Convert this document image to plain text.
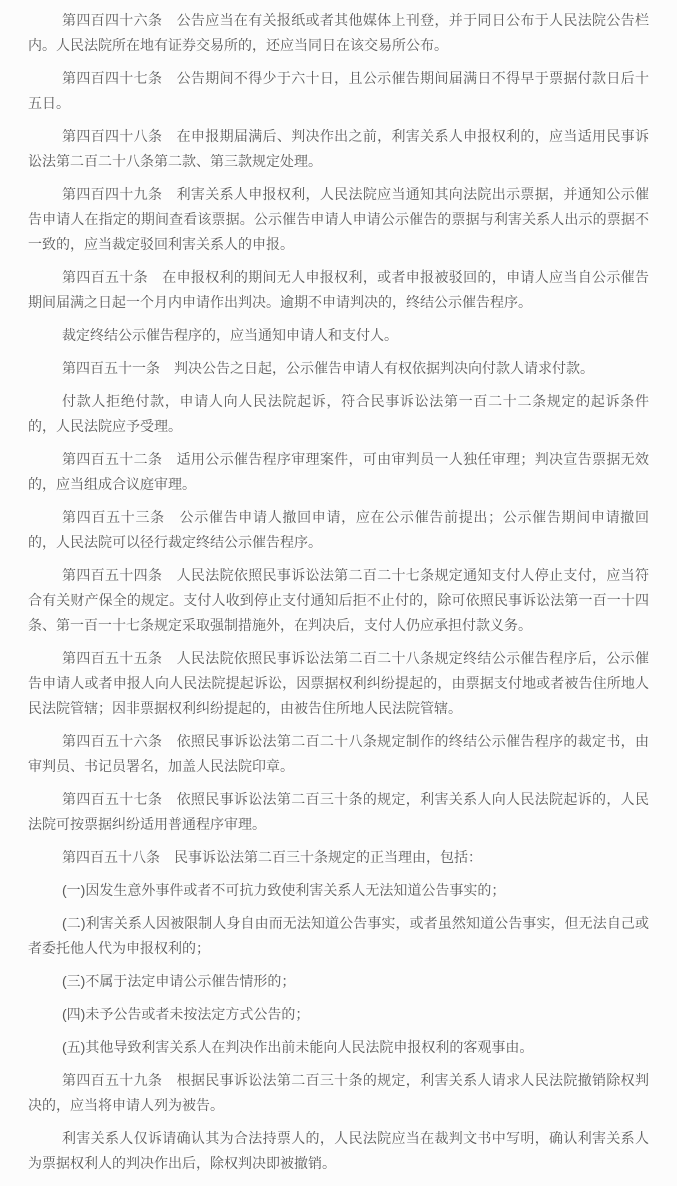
第四百四十六条　公告应当在有关报纸或者其他媒体上刊登，并于同日公布于人民法院公告栏内。人民法院所在地有证券交易所的，还应当同日在该交易所公布。

第四百四十七条　公告期间不得少于六十日，且公示催告期间届满日不得早于票据付款日后十五日。

第四百四十八条　在申报期届满后、判决作出之前，利害关系人申报权利的，应当适用民事诉讼法第二百二十八条第二款、第三款规定处理。

第四百四十九条　利害关系人申报权利，人民法院应当通知其向法院出示票据，并通知公示催告申请人在指定的期间查看该票据。公示催告申请人申请公示催告的票据与利害关系人出示的票据不一致的，应当裁定驳回利害关系人的申报。

第四百五十条　在申报权利的期间无人申报权利，或者申报被驳回的，申请人应当自公示催告期间届满之日起一个月内申请作出判决。逾期不申请判决的，终结公示催告程序。

裁定终结公示催告程序的，应当通知申请人和支付人。

第四百五十一条　判决公告之日起，公示催告申请人有权依据判决向付款人请求付款。

付款人拒绝付款，申请人向人民法院起诉，符合民事诉讼法第一百二十二条规定的起诉条件的，人民法院应予受理。

第四百五十二条　适用公示催告程序审理案件，可由审判员一人独任审理；判决宣告票据无效的，应当组成合议庭审理。

第四百五十三条　公示催告申请人撤回申请，应在公示催告前提出；公示催告期间申请撤回的，人民法院可以径行裁定终结公示催告程序。

第四百五十四条　人民法院依照民事诉讼法第二百二十七条规定通知支付人停止支付，应当符合有关财产保全的规定。支付人收到停止支付通知后拒不止付的，除可依照民事诉讼法第一百一十四条、第一百一十七条规定采取强制措施外，在判决后，支付人仍应承担付款义务。

第四百五十五条　人民法院依照民事诉讼法第二百二十八条规定终结公示催告程序后，公示催告申请人或者申报人向人民法院提起诉讼，因票据权利纠纷提起的，由票据支付地或者被告住所地人民法院管辖；因非票据权利纠纷提起的，由被告住所地人民法院管辖。

第四百五十六条　依照民事诉讼法第二百二十八条规定制作的终结公示催告程序的裁定书，由审判员、书记员署名，加盖人民法院印章。

第四百五十七条　依照民事诉讼法第二百三十条的规定，利害关系人向人民法院起诉的，人民法院可按票据纠纷适用普通程序审理。

第四百五十八条　民事诉讼法第二百三十条规定的正当理由，包括：

(一)因发生意外事件或者不可抗力致使利害关系人无法知道公告事实的；

(二)利害关系人因被限制人身自由而无法知道公告事实，或者虽然知道公告事实，但无法自己或者委托他人代为申报权利的；

(三)不属于法定申请公示催告情形的；

(四)未予公告或者未按法定方式公告的；

(五)其他导致利害关系人在判决作出前未能向人民法院申报权利的客观事由。

第四百五十九条　根据民事诉讼法第二百三十条的规定，利害关系人请求人民法院撤销除权判决的，应当将申请人列为被告。

利害关系人仅诉请确认其为合法持票人的，人民法院应当在裁判文书中写明，确认利害关系人为票据权利人的判决作出后，除权判决即被撤销。
